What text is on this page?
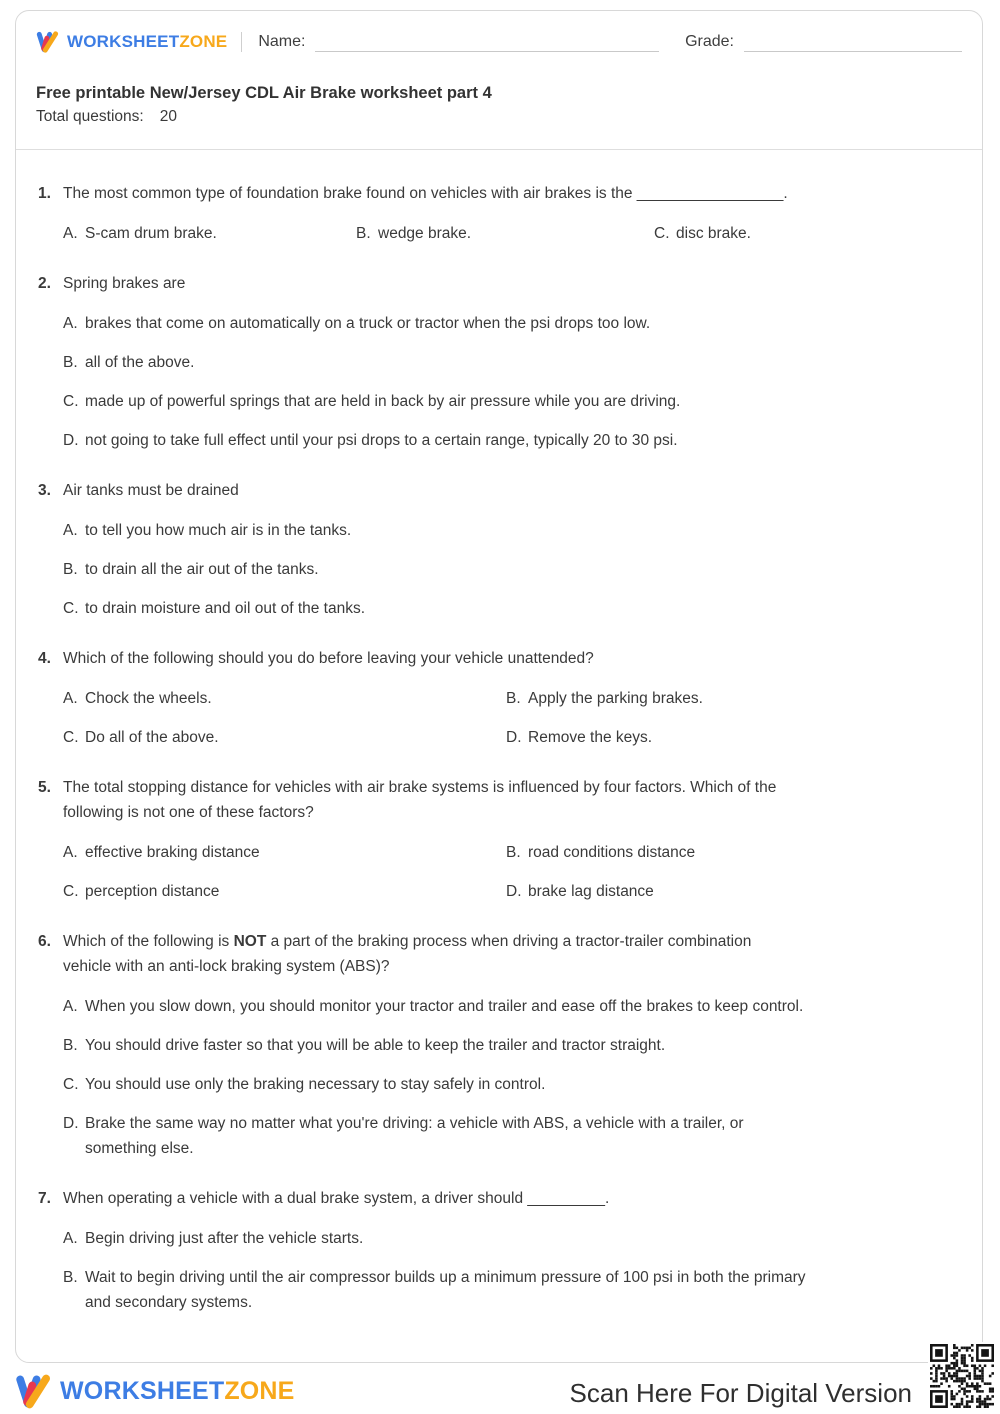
WORKSHEETZONE Name:	Grade:
Free printable New/Jersey CDL Air Brake worksheet part 4
Total questions: 20
1. The most common type of foundation brake found on vehicles with air brakes is the _________________.
A. S-cam drum brake.	B. wedge brake.	C. disc brake.
2. Spring brakes are
A. brakes that come on automatically on a truck or tractor when the psi drops too low.
B. all of the above.
C. made up of powerful springs that are held in back by air pressure while you are driving.
D. not going to take full effect until your psi drops to a certain range, typically 20 to 30 psi.
3. Air tanks must be drained
A. to tell you how much air is in the tanks.
B. to drain all the air out of the tanks.
C. to drain moisture and oil out of the tanks.
4. Which of the following should you do before leaving your vehicle unattended?
A. Chock the wheels.	B. Apply the parking brakes.
C. Do all of the above.	D. Remove the keys.
5. The total stopping distance for vehicles with air brake systems is influenced by four factors. Which of the
following is not one of these factors?
A. effective braking distance	B. road conditions distance
C. perception distance	D. brake lag distance
6. Which of the following is NOT a part of the braking process when driving a tractor-trailer combination
vehicle with an anti-lock braking system (ABS)?
A. When you slow down, you should monitor your tractor and trailer and ease off the brakes to keep control.
B. You should drive faster so that you will be able to keep the trailer and tractor straight.
C. You should use only the braking necessary to stay safely in control.
D. Brake the same way no matter what you're driving: a vehicle with ABS, a vehicle with a trailer, or
something else.
7. When operating a vehicle with a dual brake system, a driver should _________.
A. Begin driving just after the vehicle starts.
B. Wait to begin driving until the air compressor builds up a minimum pressure of 100 psi in both the primary
and secondary systems.
WORKSHEETZONE	Scan Here For Digital Version
